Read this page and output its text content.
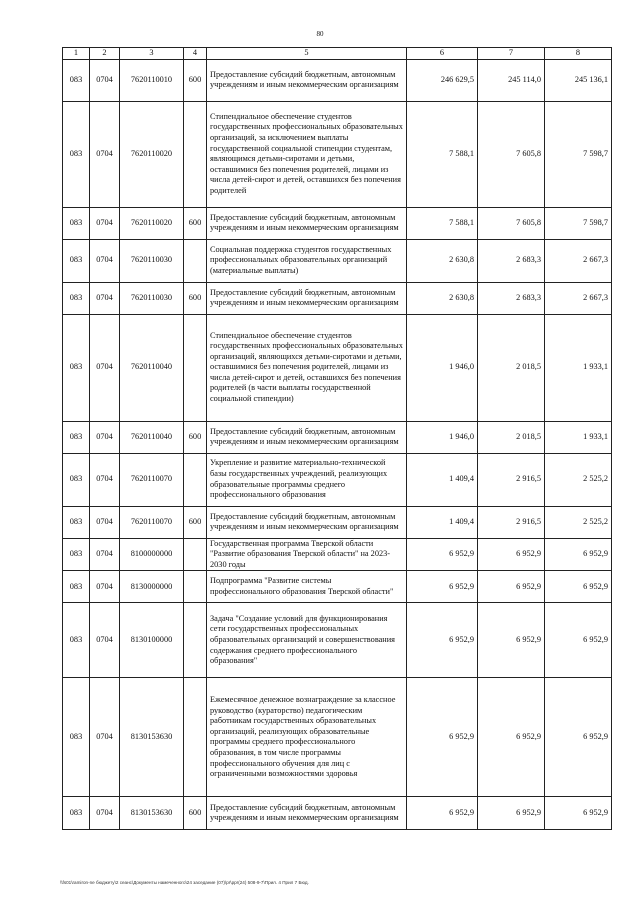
80
1	2	3	4	5	6	7	8
083	0704	7620110010	600	Предоставление субсидий бюджетным, автономным учреждениям и иным некоммерческим организациям	246 629,5	245 114,0	245 136,1
083	0704	7620110020		Стипендиальное обеспечение студентов государственных профессиональных образовательных организаций, за исключением выплаты государственной социальной стипендии студентам, являющимся детьми-сиротами и детьми, оставшимися без попечения родителей, лицами из числа детей-сирот и детей, оставшихся без попечения родителей	7 588,1	7 605,8	7 598,7
083	0704	7620110020	600	Предоставление субсидий бюджетным, автономным учреждениям и иным некоммерческим организациям	7 588,1	7 605,8	7 598,7
083	0704	7620110030		Социальная поддержка студентов государственных профессиональных образовательных организаций (материальные выплаты)	2 630,8	2 683,3	2 667,3
083	0704	7620110030	600	Предоставление субсидий бюджетным, автономным учреждениям и иным некоммерческим организациям	2 630,8	2 683,3	2 667,3
083	0704	7620110040		Стипендиальное обеспечение студентов государственных профессиональных образовательных организаций, являющихся детьми-сиротами и детьми, оставшимися без попечения родителей, лицами из числа детей-сирот и детей, оставшихся без попечения родителей (в части выплаты государственной социальной стипендии)	1 946,0	2 018,5	1 933,1
083	0704	7620110040	600	Предоставление субсидий бюджетным, автономным учреждениям и иным некоммерческим организациям	1 946,0	2 018,5	1 933,1
083	0704	7620110070		Укрепление и развитие материально-технической базы государственных учреждений, реализующих образовательные программы среднего профессионального образования	1 409,4	2 916,5	2 525,2
083	0704	7620110070	600	Предоставление субсидий бюджетным, автономным учреждениям и иным некоммерческим организациям	1 409,4	2 916,5	2 525,2
083	0704	8100000000		Государственная программа Тверской области "Развитие образования Тверской области" на 2023-2030 годы	6 952,9	6 952,9	6 952,9
083	0704	8130000000		Подпрограмма "Развитие системы профессионального образования Тверской области"	6 952,9	6 952,9	6 952,9
083	0704	8130100000		Задача "Создание условий для функционирования сети государственных профессиональных образовательных организаций и совершенствования содержания среднего профессионального образования"	6 952,9	6 952,9	6 952,9
083	0704	8130153630		Ежемесячное денежное вознаграждение за классное руководство (кураторство) педагогическим работникам государственных образовательных организаций, реализующих образовательные программы среднего профессионального образования, в том числе программы профессионального обучения для лиц с ограниченными возможностями здоровья	6 952,9	6 952,9	6 952,9
083	0704	8130153630	600	Предоставление субсидий бюджетным, автономным учреждениям и иным некоммерческим организациям	6 952,9	6 952,9	6 952,9
\\fs01\ramiron-ne бюджету\2 сеанс\Документы намеченного\24 заседание (07)\pr\ppr(24) 508-9-7\Прил. 4 Прил 7 Бюд.
